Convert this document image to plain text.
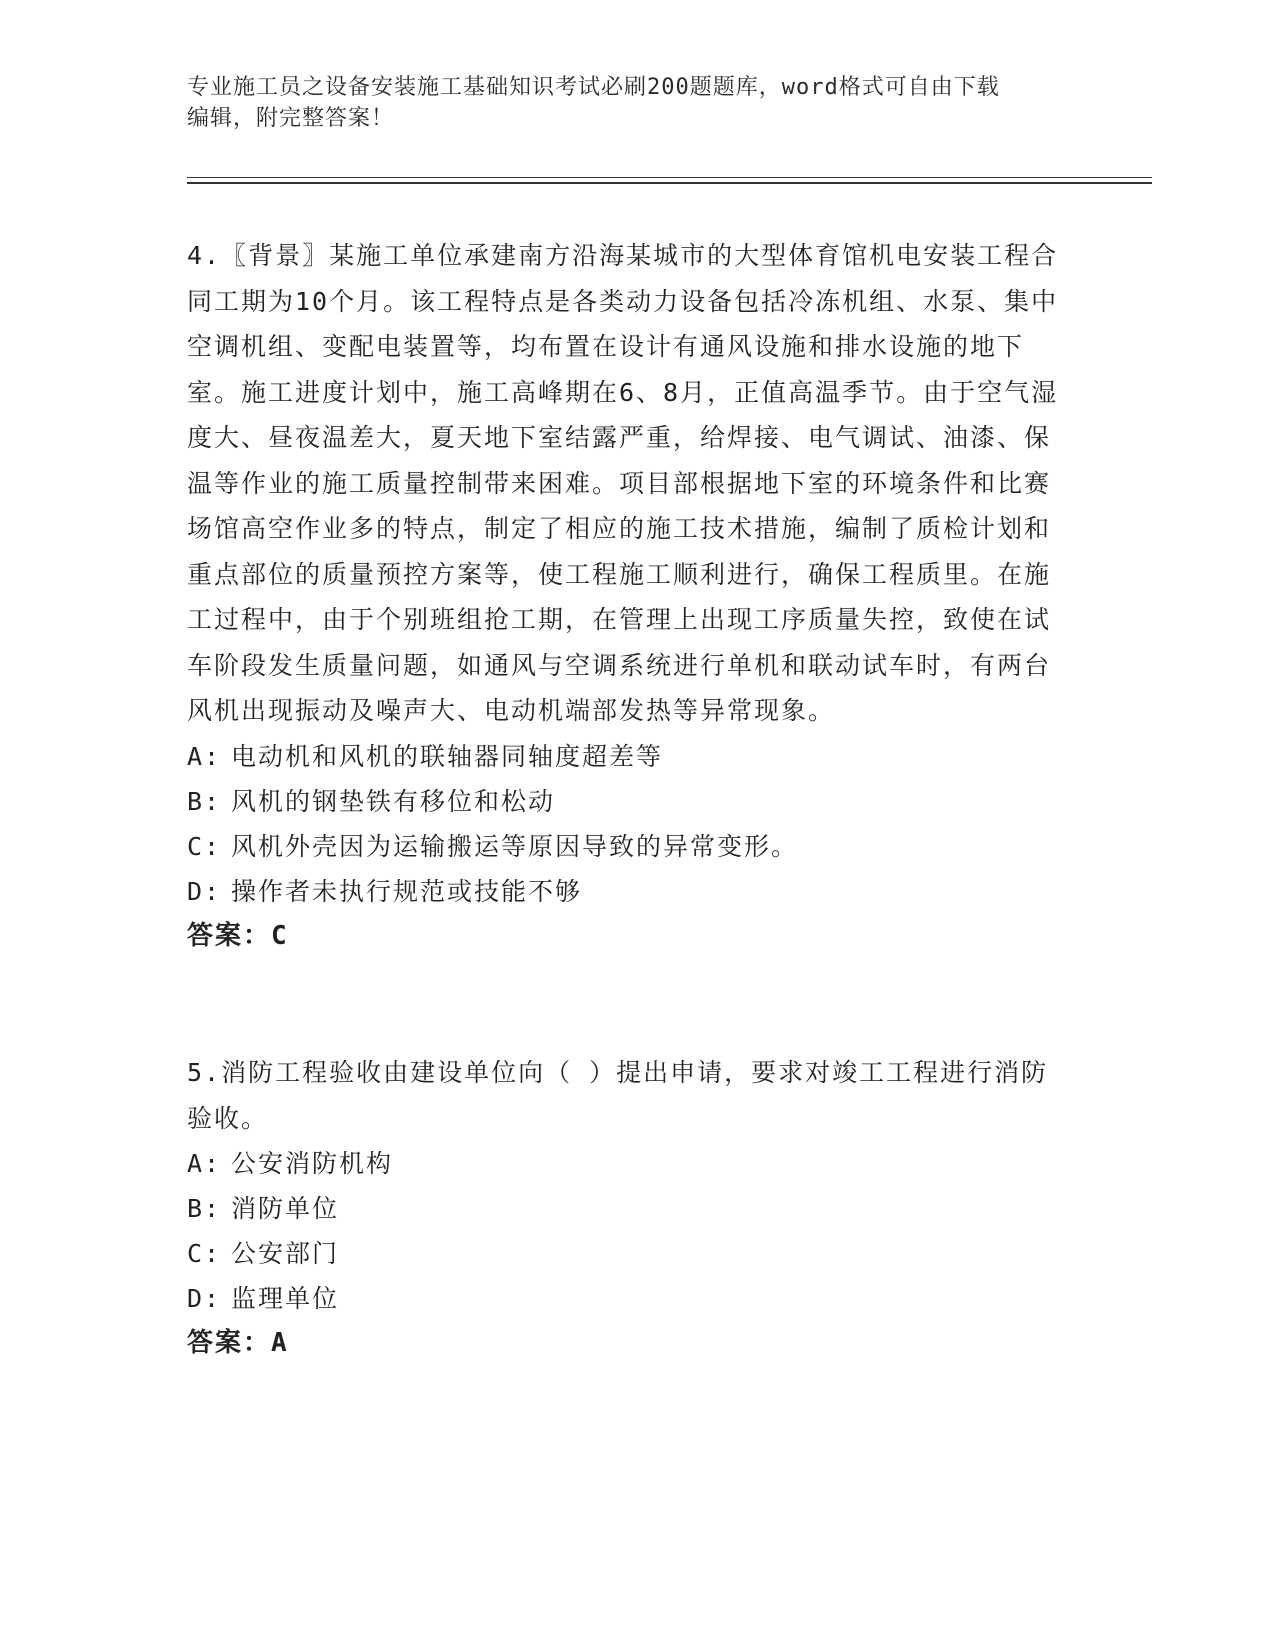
专业施工员之设备安装施工基础知识考试必刷200题题库，word格式可自由下载
编辑，附完整答案！

4.〖背景〗某施工单位承建南方沿海某城市的大型体育馆机电安装工程合同工期为10个月。该工程特点是各类动力设备包括冷冻机组、水泵、集中空调机组、变配电装置等，均布置在设计有通风设施和排水设施的地下室。施工进度计划中，施工高峰期在6、8月，正值高温季节。由于空气湿度大、昼夜温差大，夏天地下室结露严重，给焊接、电气调试、油漆、保温等作业的施工质量控制带来困难。项目部根据地下室的环境条件和比赛场馆高空作业多的特点，制定了相应的施工技术措施，编制了质检计划和重点部位的质量预控方案等，使工程施工顺利进行，确保工程质里。在施工过程中，由于个别班组抢工期，在管理上出现工序质量失控，致使在试车阶段发生质量问题，如通风与空调系统进行单机和联动试车时，有两台风机出现振动及噪声大、电动机端部发热等异常现象。

A: 电动机和风机的联轴器同轴度超差等

B: 风机的钢垫铁有移位和松动

C: 风机外壳因为运输搬运等原因导致的异常变形。

D: 操作者未执行规范或技能不够

答案：C

5.消防工程验收由建设单位向（ ）提出申请，要求对竣工工程进行消防验收。

A: 公安消防机构

B: 消防单位

C: 公安部门

D: 监理单位

答案：A
